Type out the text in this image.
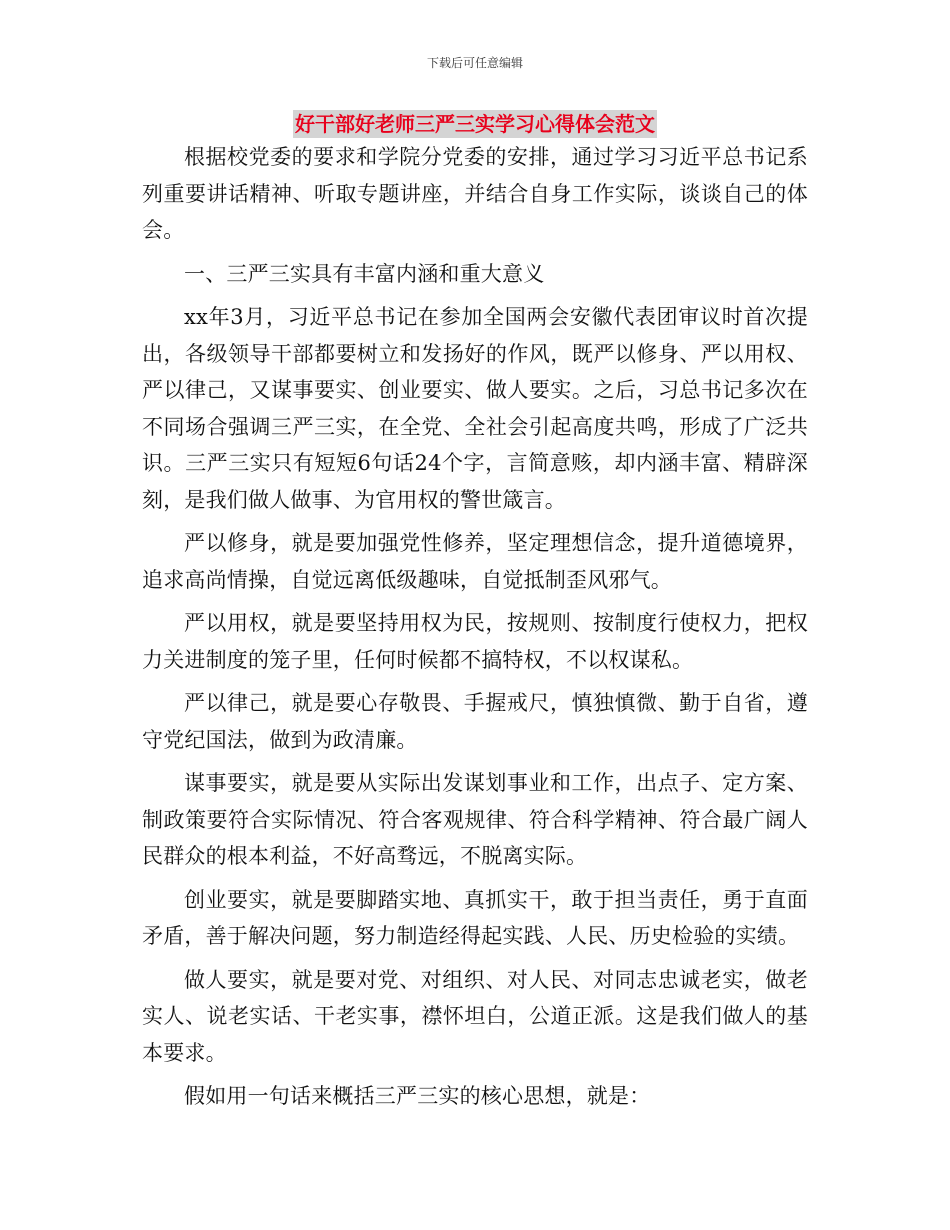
下载后可任意编辑
好干部好老师三严三实学习心得体会范文

根据校党委的要求和学院分党委的安排，通过学习习近平总书记系列重要讲话精神、听取专题讲座，并结合自身工作实际，谈谈自己的体会。

一、三严三实具有丰富内涵和重大意义

xx年3月，习近平总书记在参加全国两会安徽代表团审议时首次提出，各级领导干部都要树立和发扬好的作风，既严以修身、严以用权、严以律己，又谋事要实、创业要实、做人要实。之后，习总书记多次在不同场合强调三严三实，在全党、全社会引起高度共鸣，形成了广泛共识。三严三实只有短短6句话24个字，言简意赅，却内涵丰富、精辟深刻，是我们做人做事、为官用权的警世箴言。

严以修身，就是要加强党性修养，坚定理想信念，提升道德境界，追求高尚情操，自觉远离低级趣味，自觉抵制歪风邪气。

严以用权，就是要坚持用权为民，按规则、按制度行使权力，把权力关进制度的笼子里，任何时候都不搞特权，不以权谋私。

严以律己，就是要心存敬畏、手握戒尺，慎独慎微、勤于自省，遵守党纪国法，做到为政清廉。

谋事要实，就是要从实际出发谋划事业和工作，出点子、定方案、制政策要符合实际情况、符合客观规律、符合科学精神、符合最广阔人民群众的根本利益，不好高骛远，不脱离实际。

创业要实，就是要脚踏实地、真抓实干，敢于担当责任，勇于直面矛盾，善于解决问题，努力制造经得起实践、人民、历史检验的实绩。

做人要实，就是要对党、对组织、对人民、对同志忠诚老实，做老实人、说老实话、干老实事，襟怀坦白，公道正派。这是我们做人的基本要求。

假如用一句话来概括三严三实的核心思想，就是：
